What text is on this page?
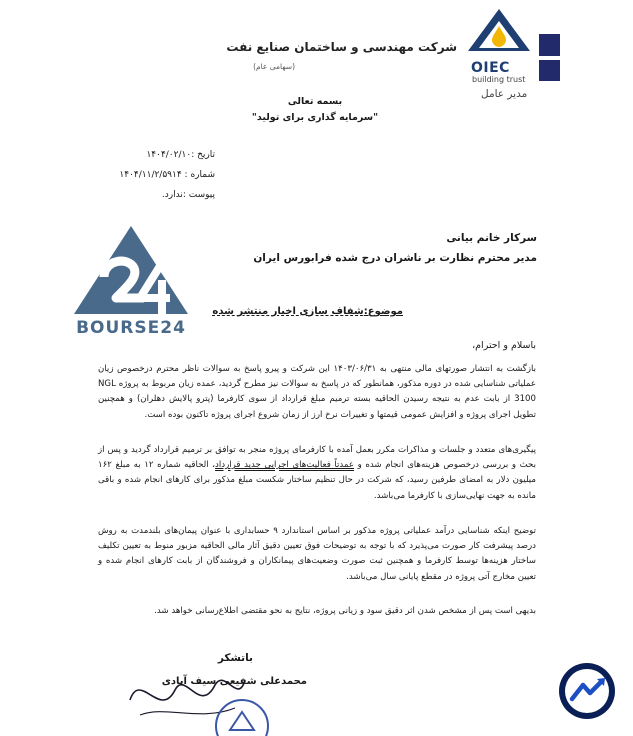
شرکت مهندسی و ساختمان صنایع نفت
(سهامی عام)	OIEC
building trust
مدیر عامل
بسمه تعالی
"سرمایه گذاری برای تولید"
تاریخ :۱۴۰۴/۰۲/۱۰
شماره : ۱۴۰۴/۱۱/۲/۵۹۱۴
پیوست :ندارد.
BOURSE24
سرکار خانم بیانی
مدیر محترم نظارت بر ناشران درج شده فرابورس ایران
موضوع:شفاف سازی اخبار منتشر شده
باسلام و احترام،
بازگشت به انتشار صورتهای مالی منتهی به ۱۴۰۳/۰۶/۳۱ این شرکت و پیرو پاسخ به سوالات ناظر محترم درخصوص زیان عملیاتی شناسایی شده در دوره مذکور، همانطور که در پاسخ به سوالات نیز مطرح گردید، عمده زیان مربوط به پروژه NGL 3100 از بابت عدم به نتیجه رسیدن الحاقیه بسته ترمیم مبلغ قرارداد از سوی کارفرما (پترو پالایش دهلران) و همچنین تطویل اجرای پروژه و افزایش عمومی قیمتها و تغییرات نرخ ارز از زمان شروع اجرای پروژه تاکنون بوده است.
پیگیری‌های متعدد و جلسات و مذاکرات مکرر بعمل آمده با کارفرمای پروژه منجر به توافق بر ترمیم قرارداد گردید و پس از بحث و بررسی درخصوص هزینه‌های انجام شده و عمدتاً فعالیت‌های اجرایی جدید قرارداد، الحاقیه شماره ۱۲ به مبلغ ۱۶۲ میلیون دلار به امضای طرفین رسید، که شرکت در حال تنظیم ساختار شکست مبلغ مذکور برای کارهای انجام شده و باقی مانده به جهت نهایی‌سازی با کارفرما می‌باشد.
توضیح اینکه شناسایی درآمد عملیاتی پروژه مذکور بر اساس استاندارد ۹ حسابداری با عنوان پیمان‌های بلندمدت به روش درصد پیشرفت کار صورت می‌پذیرد که با توجه به توضیحات فوق تعیین دقیق آثار مالی الحاقیه مزبور منوط به تعیین تکلیف ساختار هزینه‌ها توسط کارفرما و همچنین ثبت صورت وضعیت‌های پیمانکاران و فروشندگان از بابت کارهای انجام شده و تعیین مخارج آتی پروژه در مقطع پایانی سال می‌باشد.
بدیهی است پس از مشخص شدن اثر دقیق سود و زیانی پروژه، نتایج به نحو مقتضی اطلاع‌رسانی خواهد شد.
باتشکر
محمدعلی شفیعی سیف آبادی
